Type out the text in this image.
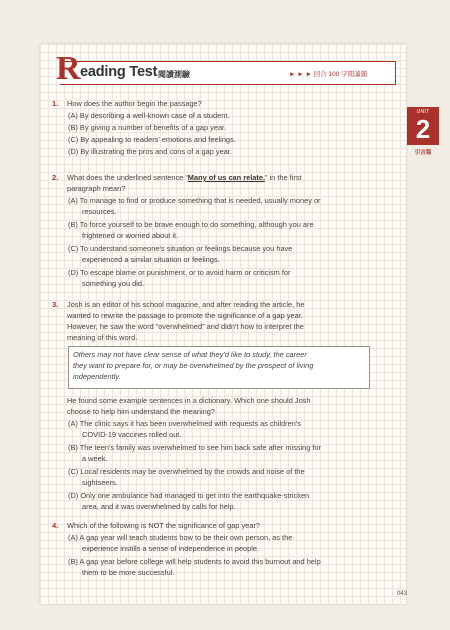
R eading Test 閱讀測驗	► ► ► 回合 100 字閱讀題
UNIT
2
引言篇
1. How does the author begin the passage?
(A) By describing a well-known case of a student.
(B) By giving a number of benefits of a gap year.
(C) By appealing to readers' emotions and feelings.
(D) By illustrating the pros and cons of a gap year.
2. What does the underlined sentence “Many of us can relate.” in the first
paragraph mean?
(A) To manage to find or produce something that is needed, usually money or
resources.
(B) To force yourself to be brave enough to do something, although you are
frightened or worried about it.
(C) To understand someone's situation or feelings because you have
experienced a similar situation or feelings.
(D) To escape blame or punishment, or to avoid harm or criticism for
something you did.
3. Josh is an editor of his school magazine, and after reading the article, he
wanted to rewrite the passage to promote the significance of a gap year.
However, he saw the word “overwhelmed” and didn't how to interpret the
meaning of this word.
Others may not have clear sense of what they'd like to study, the career
they want to prepare for, or may be overwhelmed by the prospect of living
independently.
He found some example sentences in a dictionary. Which one should Josh
choose to help him understand the meaning?
(A) The clinic says it has been overwhelmed with requests as children's
COVID-19 vaccines rolled out.
(B) The teen's family was overwhelmed to see him back safe after missing for
a week.
(C) Local residents may be overwhelmed by the crowds and noise of the
sightseers.
(D) Only one ambulance had managed to get into the earthquake-stricken
area, and it was overwhelmed by calls for help.
4. Which of the following is NOT the significance of gap year?
(A) A gap year will teach students how to be their own person, as the
experience instills a sense of independence in people.
(B) A gap year before college will help students to avoid this burnout and help
them to be more successful.
043
